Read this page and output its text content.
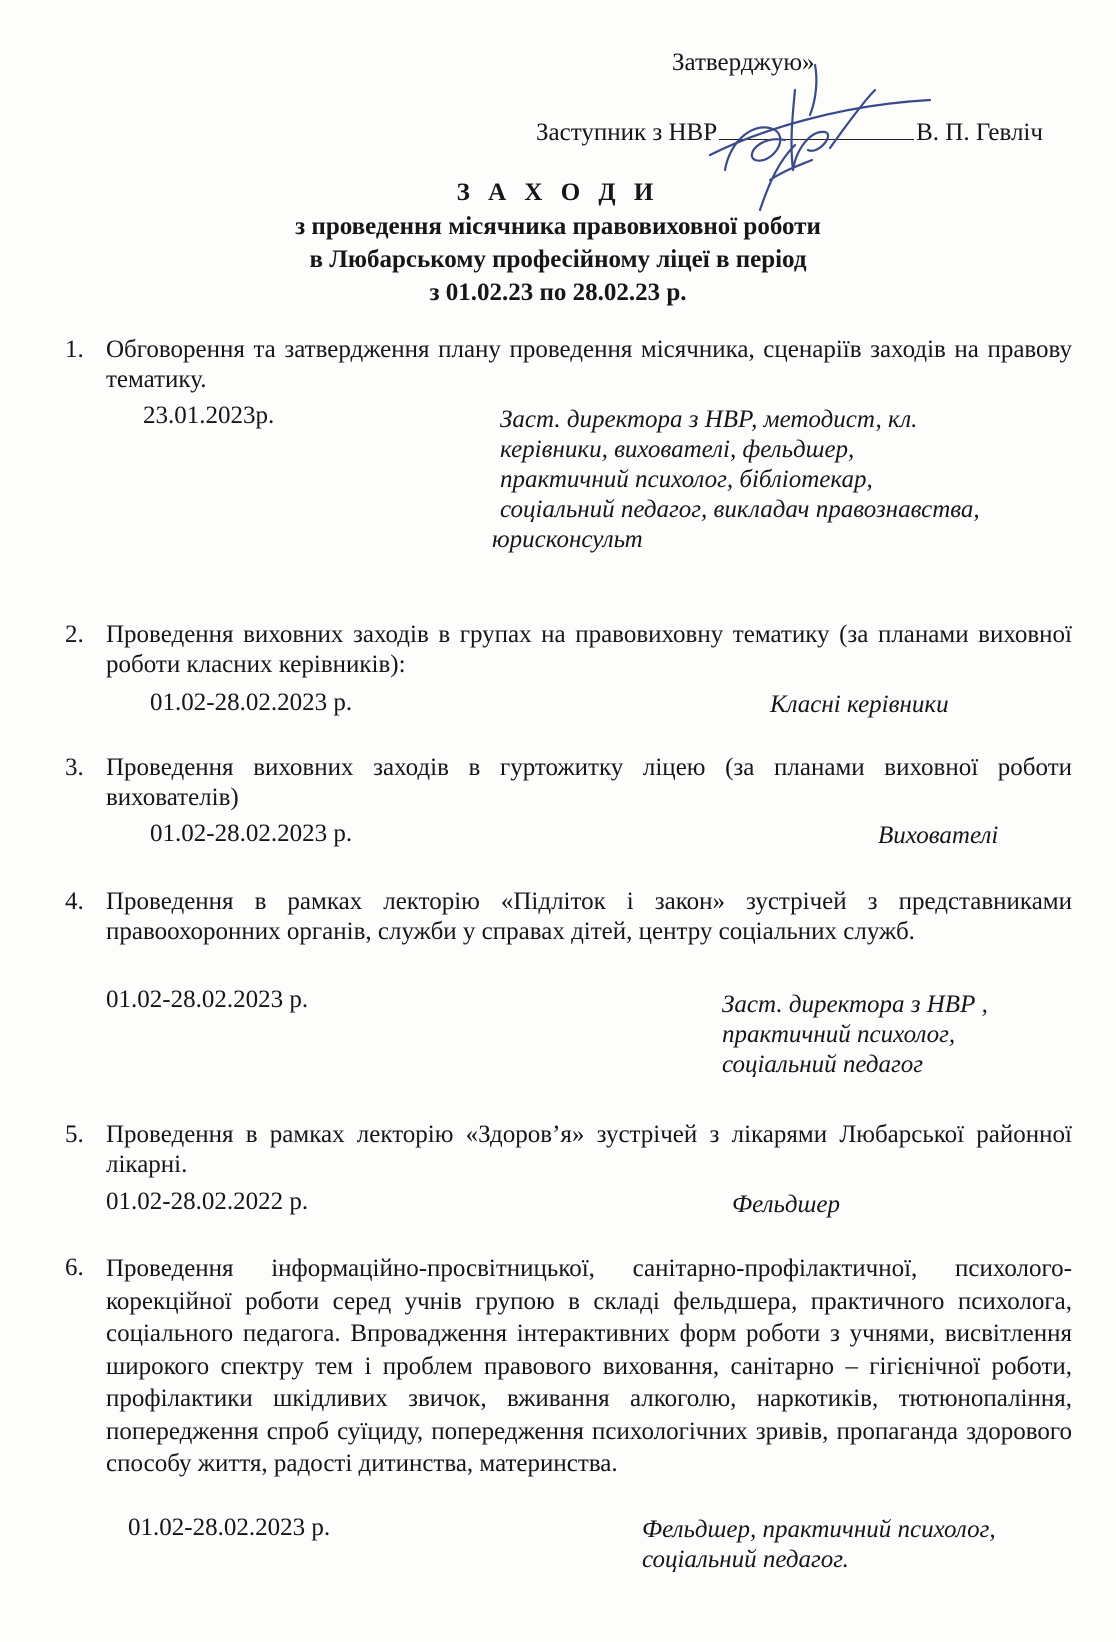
Затверджую»
Заступник з НВР	В. П. Гевліч
З А Х О Д И
з проведення місячника правовиховної роботи
в Любарському професійному ліцеї в період
з 01.02.23 по 28.02.23 р.
1. Обговорення та затвердження плану проведення місячника, сценаріїв заходів на правову тематику.
23.01.2023р.	Заст. директора з НВР, методист, кл.
керівники, вихователі, фельдшер,
практичний психолог, бібліотекар,
соціальний педагог, викладач правознавства,
юрисконсульт
2. Проведення виховних заходів в групах на правовиховну тематику (за планами виховної роботи класних керівників):
01.02-28.02.2023 р.	Класні керівники
3. Проведення виховних заходів в гуртожитку ліцею (за планами виховної роботи вихователів)
01.02-28.02.2023 р.	Вихователі
4. Проведення в рамках лекторію «Підліток і закон» зустрічей з представниками правоохоронних органів, служби у справах дітей, центру соціальних служб.
01.02-28.02.2023 р.	Заст. директора з НВР ,
практичний психолог,
соціальний педагог
5. Проведення в рамках лекторію «Здоров’я» зустрічей з лікарями Любарської районної лікарні.
01.02-28.02.2022 р.	Фельдшер
6. Проведення інформаційно-просвітницької, санітарно-профілактичної, психолого-корекційної роботи серед учнів групою в складі фельдшера, практичного психолога, соціального педагога. Впровадження інтерактивних форм роботи з учнями, висвітлення широкого спектру тем і проблем правового виховання, санітарно – гігієнічної роботи, профілактики шкідливих звичок, вживання алкоголю, наркотиків, тютюнопаління, попередження спроб суїциду, попередження психологічних зривів, пропаганда здорового способу життя, радості дитинства, материнства.
01.02-28.02.2023 р.	Фельдшер, практичний психолог,
соціальний педагог.
